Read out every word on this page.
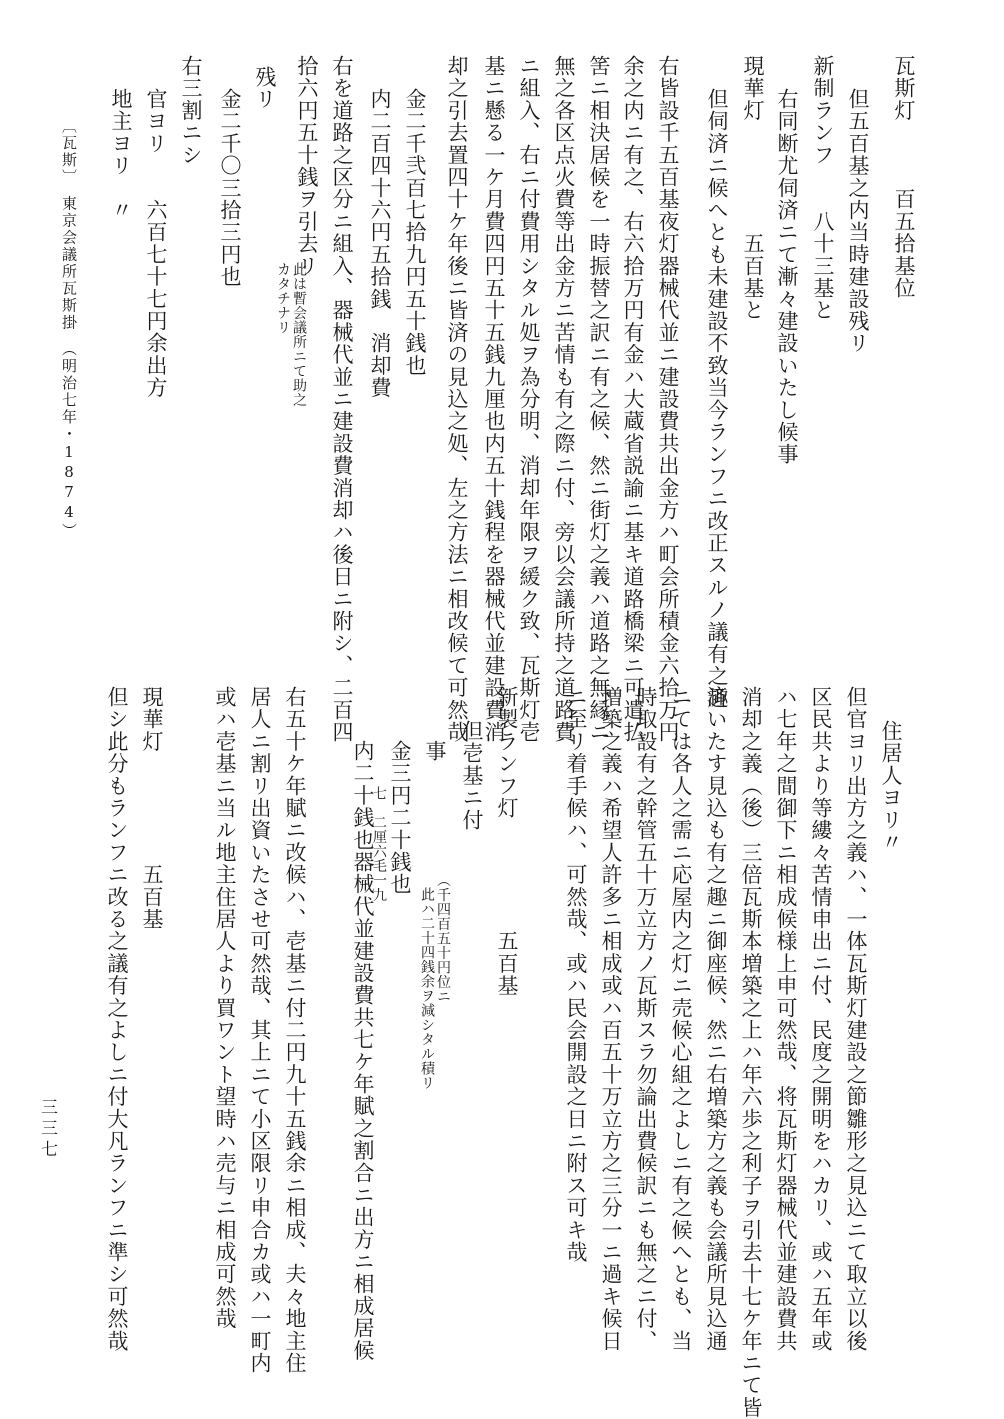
瓦斯灯　　　百五拾基位
但五百基之内当時建設残リ
新制ランフ　　八十三基と
右同断尤伺済ニて漸々建設いたし候事
現華灯　　　　　五百基と
但伺済ニ候へとも未建設不致当今ランフニ改正スルノ議有之趣
右皆設千五百基夜灯器械代並ニ建設費共出金方ハ町会所積金六拾万円
余之内ニ有之、右六拾万円有金ハ大蔵省説諭ニ基キ道路橋梁ニ可遣払
筈ニ相決居候を一時振替之訳ニ有之候、然ニ街灯之義ハ道路之無縁ニ
無之各区点火費等出金方ニ苦情も有之際ニ付、旁以会議所持之道路費
ニ組入、右ニ付費用シタル処ヲ為分明、消却年限ヲ緩ク致、瓦斯灯壱
基ニ懸る一ケ月費四円五十五銭九厘也内五十銭程を器械代並建設費消
却之引去置四十ケ年後ニ皆済の見込之処、左之方法ニ相改候て可然哉
金二千弐百七拾九円五十銭也
内二百四十六円五拾銭　消却費
右を道路之区分ニ組入、器械代並ニ建設費消却ハ後日ニ附シ、二百四
拾六円五十銭ヲ引去リ
此は暫会議所ニて助之
カタチナリ
残リ
金二千〇三拾三円也
右三割ニシ
官ヨリ　　六百七十七円余出方
地主ヨリ　〃
〔瓦斯〕　東京会議所瓦斯掛　（明治七年・1874）
住居人ヨリ〃
但官ヨリ出方之義ハ、一体瓦斯灯建設之節雛形之見込ニて取立以後
区民共より等縷々苦情申出ニ付、民度之開明をハカリ、或ハ五年或
ハ七年之間御下ニ相成候様上申可然哉、将瓦斯灯器械代並建設費共
消却之義（後）三倍瓦斯本増築之上ハ年六歩之利子ヲ引去十七ケ年ニて皆
済いたす見込も有之趣ニ御座候、然ニ右増築方之義も会議所見込通
ニては各人之需ニ応屋内之灯ニ売候心組之よしニ有之候へとも、当
時取設有之幹管五十万立方ノ瓦斯スラ勿論出費候訳ニも無之ニ付、
増築之義ハ希望人許多ニ相成或ハ百五十万立方之三分一ニ過キ候日
ニ至リ着手候ハ、可然哉、或ハ民会開設之日ニ附ス可キ哉
新製ランフ灯　　　　　五百基
但壱基ニ付
（千四百五十円位ニ
此ハ二十四銭余ヲ減シタル積リ
事
金三円二十銭也
七　二厘六毛一九
内二十銭也器械代並建設費共七ケ年賦之割合ニ出方ニ相成居候
右五十ケ年賦ニ改候ハ、壱基ニ付二円九十五銭余ニ相成、夫々地主住
居人ニ割リ出資いたさせ可然哉、其上ニて小区限リ申合カ或ハ一町内
或ハ壱基ニ当ル地主住居人より買ワント望時ハ売与ニ相成可然哉
現華灯　　　　　五百基
但シ此分もランフニ改る之議有之よしニ付大凡ランフニ準シ可然哉
三三七
